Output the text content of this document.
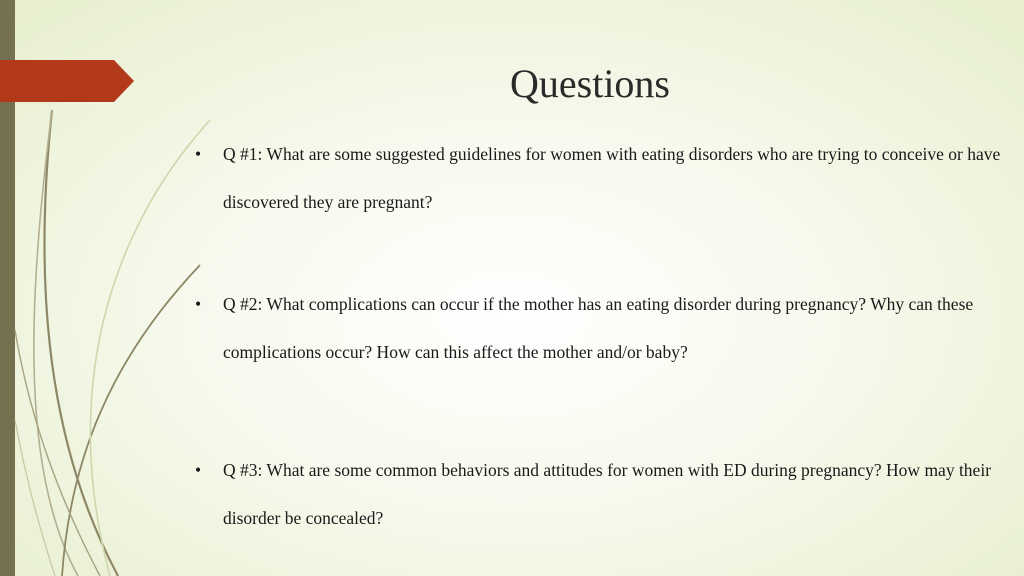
Questions
• Q #1: What are some suggested guidelines for women with eating disorders who are trying to conceive or have discovered they are pregnant?
• Q #2: What complications can occur if the mother has an eating disorder during pregnancy? Why can these complications occur? How can this affect the mother and/or baby?
• Q #3: What are some common behaviors and attitudes for women with ED during pregnancy? How may their disorder be concealed?
